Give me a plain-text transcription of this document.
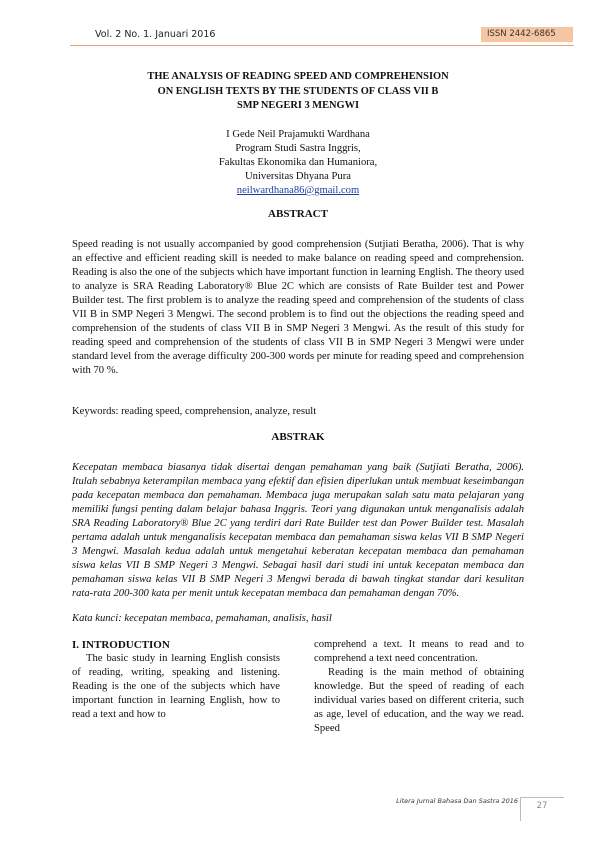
Vol. 2 No. 1. Januari 2016	ISSN 2442-6865
THE ANALYSIS OF READING SPEED AND COMPREHENSION
ON ENGLISH TEXTS BY THE STUDENTS OF CLASS VII B
SMP NEGERI 3 MENGWI
I Gede Neil Prajamukti Wardhana
Program Studi Sastra Inggris,
Fakultas Ekonomika dan Humaniora,
Universitas Dhyana Pura
neilwardhana86@gmail.com
ABSTRACT

Speed reading is not usually accompanied by good comprehension (Sutjiati Beratha, 2006). That is why an effective and efficient reading skill is needed to make balance on reading speed and comprehension. Reading is also the one of the subjects which have important function in learning English. The theory used to analyze is SRA Reading Laboratory® Blue 2C which are consists of Rate Builder test and Power Builder test. The first problem is to analyze the reading speed and comprehension of the students of class VII B in SMP Negeri 3 Mengwi. The second problem is to find out the objections the reading speed and comprehension of the students of class VII B in SMP Negeri 3 Mengwi. As the result of this study for reading speed and comprehension of the students of class VII B in SMP Negeri 3 Mengwi were under standard level from the average difficulty 200-300 words per minute for reading speed and comprehension with 70 %.

Keywords: reading speed, comprehension, analyze, result

ABSTRAK

Kecepatan membaca biasanya tidak disertai dengan pemahaman yang baik (Sutjiati Beratha, 2006). Itulah sebabnya keterampilan membaca yang efektif dan efisien diperlukan untuk membuat keseimbangan pada kecepatan membaca dan pemahaman. Membaca juga merupakan salah satu mata pelajaran yang memiliki fungsi penting dalam belajar bahasa Inggris. Teori yang digunakan untuk menganalisis adalah SRA Reading Laboratory® Blue 2C yang terdiri dari Rate Builder test dan Power Builder test. Masalah pertama adalah untuk menganalisis kecepatan membaca dan pemahaman siswa kelas VII B SMP Negeri 3 Mengwi. Masalah kedua adalah untuk mengetahui keberatan kecepatan membaca dan pemahaman siswa kelas VII B SMP Negeri 3 Mengwi. Sebagai hasil dari studi ini untuk kecepatan membaca dan pemahaman siswa kelas VII B SMP Negeri 3 Mengwi berada di bawah tingkat standar dari kesulitan rata-rata 200-300 kata per menit untuk kecepatan membaca dan pemahaman dengan 70%.

Kata kunci: kecepatan membaca, pemahaman, analisis, hasil

I. INTRODUCTION

The basic study in learning English consists of reading, writing, speaking and listening. Reading is the one of the subjects which have important function in learning English, how to read a text and how to

comprehend a text. It means to read and to comprehend a text need concentration.

Reading is the main method of obtaining knowledge. But the speed of reading of each individual varies based on different criteria, such as age, level of education, and the way we read. Speed

Litera Jurnal Bahasa Dan Sastra 2016	27
